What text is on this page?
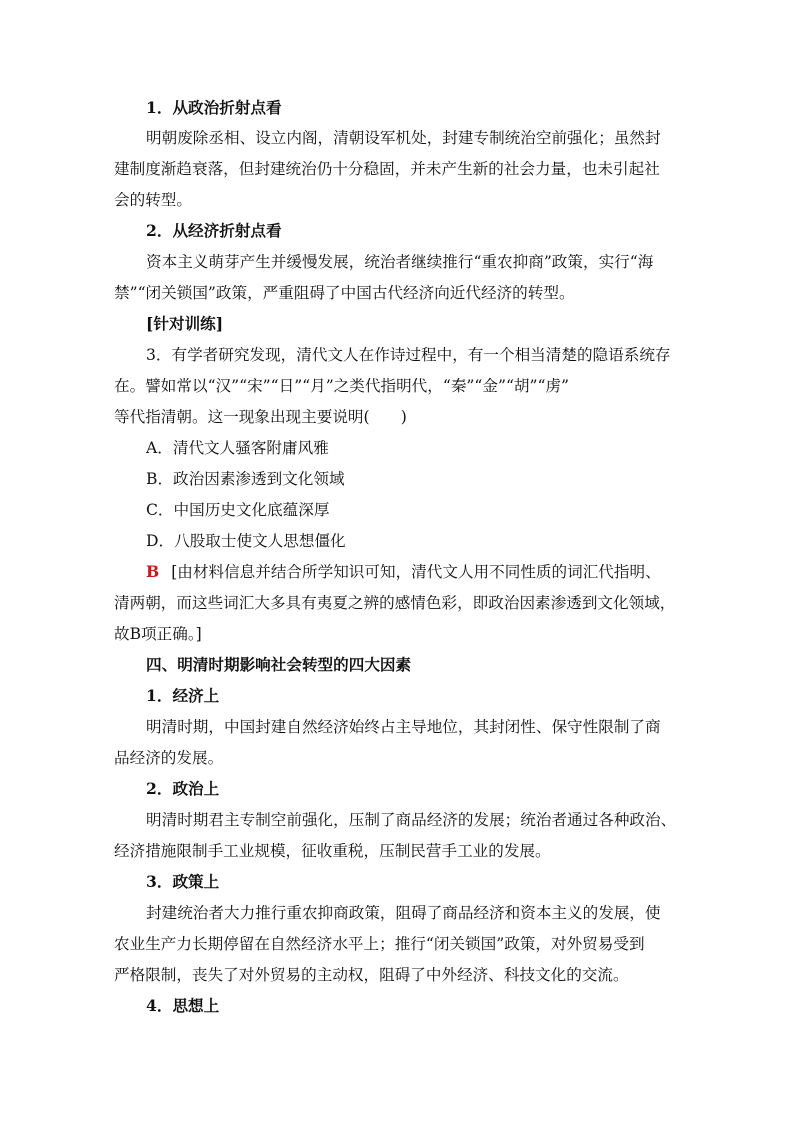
1．从政治折射点看
明朝废除丞相、设立内阁，清朝设军机处，封建专制统治空前强化；虽然封
建制度渐趋衰落，但封建统治仍十分稳固，并未产生新的社会力量，也未引起社
会的转型。
2．从经济折射点看
资本主义萌芽产生并缓慢发展，统治者继续推行“重农抑商”政策，实行“海
禁”“闭关锁国”政策，严重阻碍了中国古代经济向近代经济的转型。
[针对训练]
3．有学者研究发现，清代文人在作诗过程中，有一个相当清楚的隐语系统存
在。譬如常以“汉”“宋”“日”“月”之类代指明代，“秦”“金”“胡”“虏”
等代指清朝。这一现象出现主要说明(　　)
A．清代文人骚客附庸风雅
B．政治因素渗透到文化领域
C．中国历史文化底蕴深厚
D．八股取士使文人思想僵化
B [由材料信息并结合所学知识可知，清代文人用不同性质的词汇代指明、
清两朝，而这些词汇大多具有夷夏之辨的感情色彩，即政治因素渗透到文化领域，
故B项正确。]
四、明清时期影响社会转型的四大因素
1．经济上
明清时期，中国封建自然经济始终占主导地位，其封闭性、保守性限制了商
品经济的发展。
2．政治上
明清时期君主专制空前强化，压制了商品经济的发展；统治者通过各种政治、
经济措施限制手工业规模，征收重税，压制民营手工业的发展。
3．政策上
封建统治者大力推行重农抑商政策，阻碍了商品经济和资本主义的发展，使
农业生产力长期停留在自然经济水平上；推行“闭关锁国”政策，对外贸易受到
严格限制，丧失了对外贸易的主动权，阻碍了中外经济、科技文化的交流。
4．思想上
